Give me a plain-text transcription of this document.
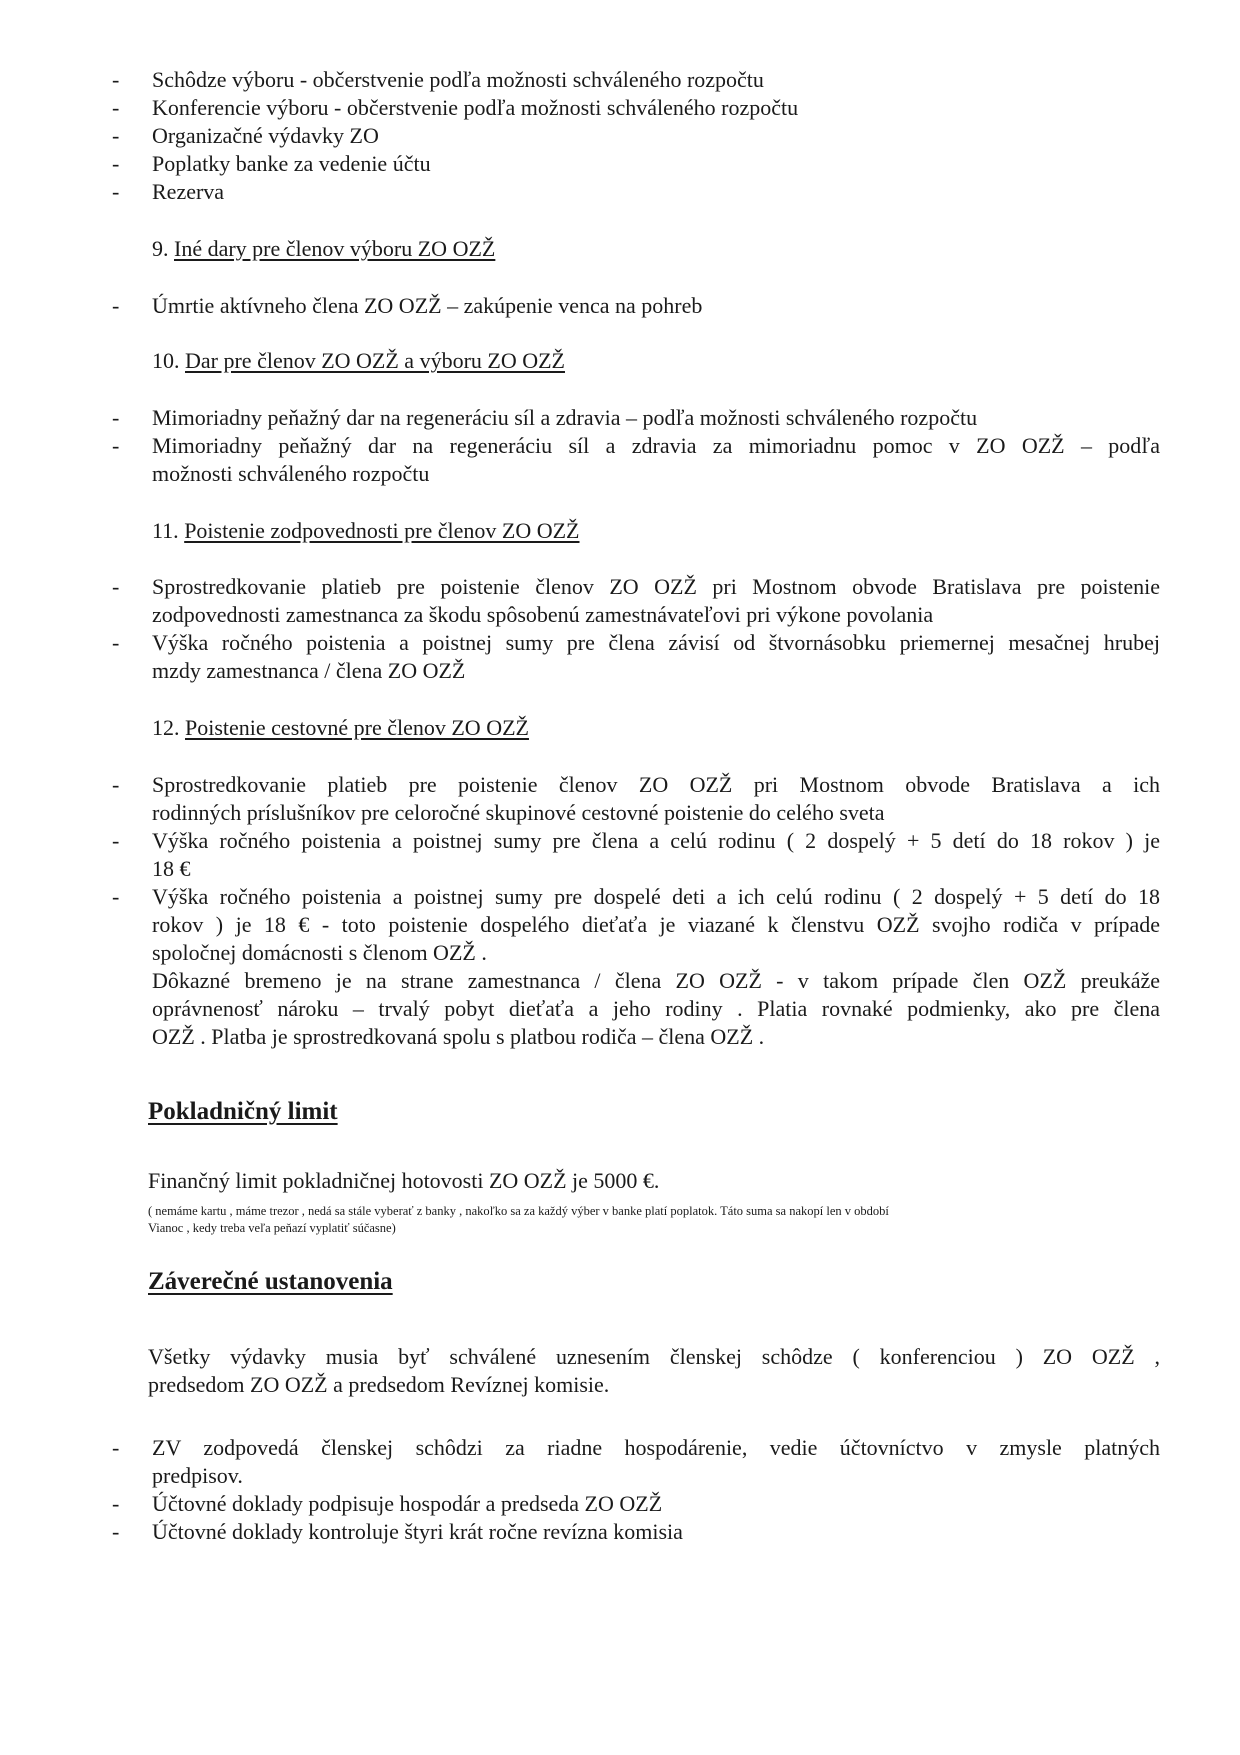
- Schôdze výboru - občerstvenie podľa možnosti schváleného rozpočtu
- Konferencie výboru - občerstvenie podľa možnosti schváleného rozpočtu
- Organizačné výdavky ZO
- Poplatky banke za vedenie účtu
- Rezerva
9. Iné dary pre členov výboru ZO OZŽ
- Úmrtie aktívneho člena ZO OZŽ – zakúpenie venca na pohreb
10. Dar pre členov ZO OZŽ a výboru ZO OZŽ
- Mimoriadny peňažný dar na regeneráciu síl a zdravia – podľa možnosti schváleného rozpočtu
- Mimoriadny peňažný dar na regeneráciu síl a zdravia za mimoriadnu pomoc v ZO OZŽ – podľa
možnosti schváleného rozpočtu
11. Poistenie zodpovednosti pre členov ZO OZŽ
- Sprostredkovanie platieb pre poistenie členov ZO OZŽ pri Mostnom obvode Bratislava pre poistenie
zodpovednosti zamestnanca za škodu spôsobenú zamestnávateľovi pri výkone povolania
- Výška ročného poistenia a poistnej sumy pre člena závisí od štvornásobku priemernej mesačnej hrubej
mzdy zamestnanca / člena ZO OZŽ
12. Poistenie cestovné pre členov ZO OZŽ
- Sprostredkovanie platieb pre poistenie členov ZO OZŽ pri Mostnom obvode Bratislava a ich
rodinných príslušníkov pre celoročné skupinové cestovné poistenie do celého sveta
- Výška ročného poistenia a poistnej sumy pre člena a celú rodinu ( 2 dospelý + 5 detí do 18 rokov ) je
18 €
- Výška ročného poistenia a poistnej sumy pre dospelé deti a ich celú rodinu ( 2 dospelý + 5 detí do 18
rokov ) je 18 € - toto poistenie dospelého dieťaťa je viazané k členstvu OZŽ svojho rodiča v prípade
spoločnej domácnosti s členom OZŽ .
Dôkazné bremeno je na strane zamestnanca / člena ZO OZŽ - v takom prípade člen OZŽ preukáže
oprávnenosť nároku – trvalý pobyt dieťaťa a jeho rodiny . Platia rovnaké podmienky, ako pre člena
OZŽ . Platba je sprostredkovaná spolu s platbou rodiča – člena OZŽ .
Pokladničný limit
Finančný limit pokladničnej hotovosti ZO OZŽ je 5000 €.
( nemáme kartu , máme trezor , nedá sa stále vyberať z banky , nakoľko sa za každý výber v banke platí poplatok. Táto suma sa nakopí len v období
Vianoc , kedy treba veľa peňazí vyplatiť súčasne)
Záverečné ustanovenia
Všetky výdavky musia byť schválené uznesením členskej schôdze ( konferenciou ) ZO OZŽ ,
predsedom ZO OZŽ a predsedom Revíznej komisie.
- ZV zodpovedá členskej schôdzi za riadne hospodárenie, vedie účtovníctvo v zmysle platných
predpisov.
- Účtovné doklady podpisuje hospodár a predseda ZO OZŽ
- Účtovné doklady kontroluje štyri krát ročne revízna komisia
